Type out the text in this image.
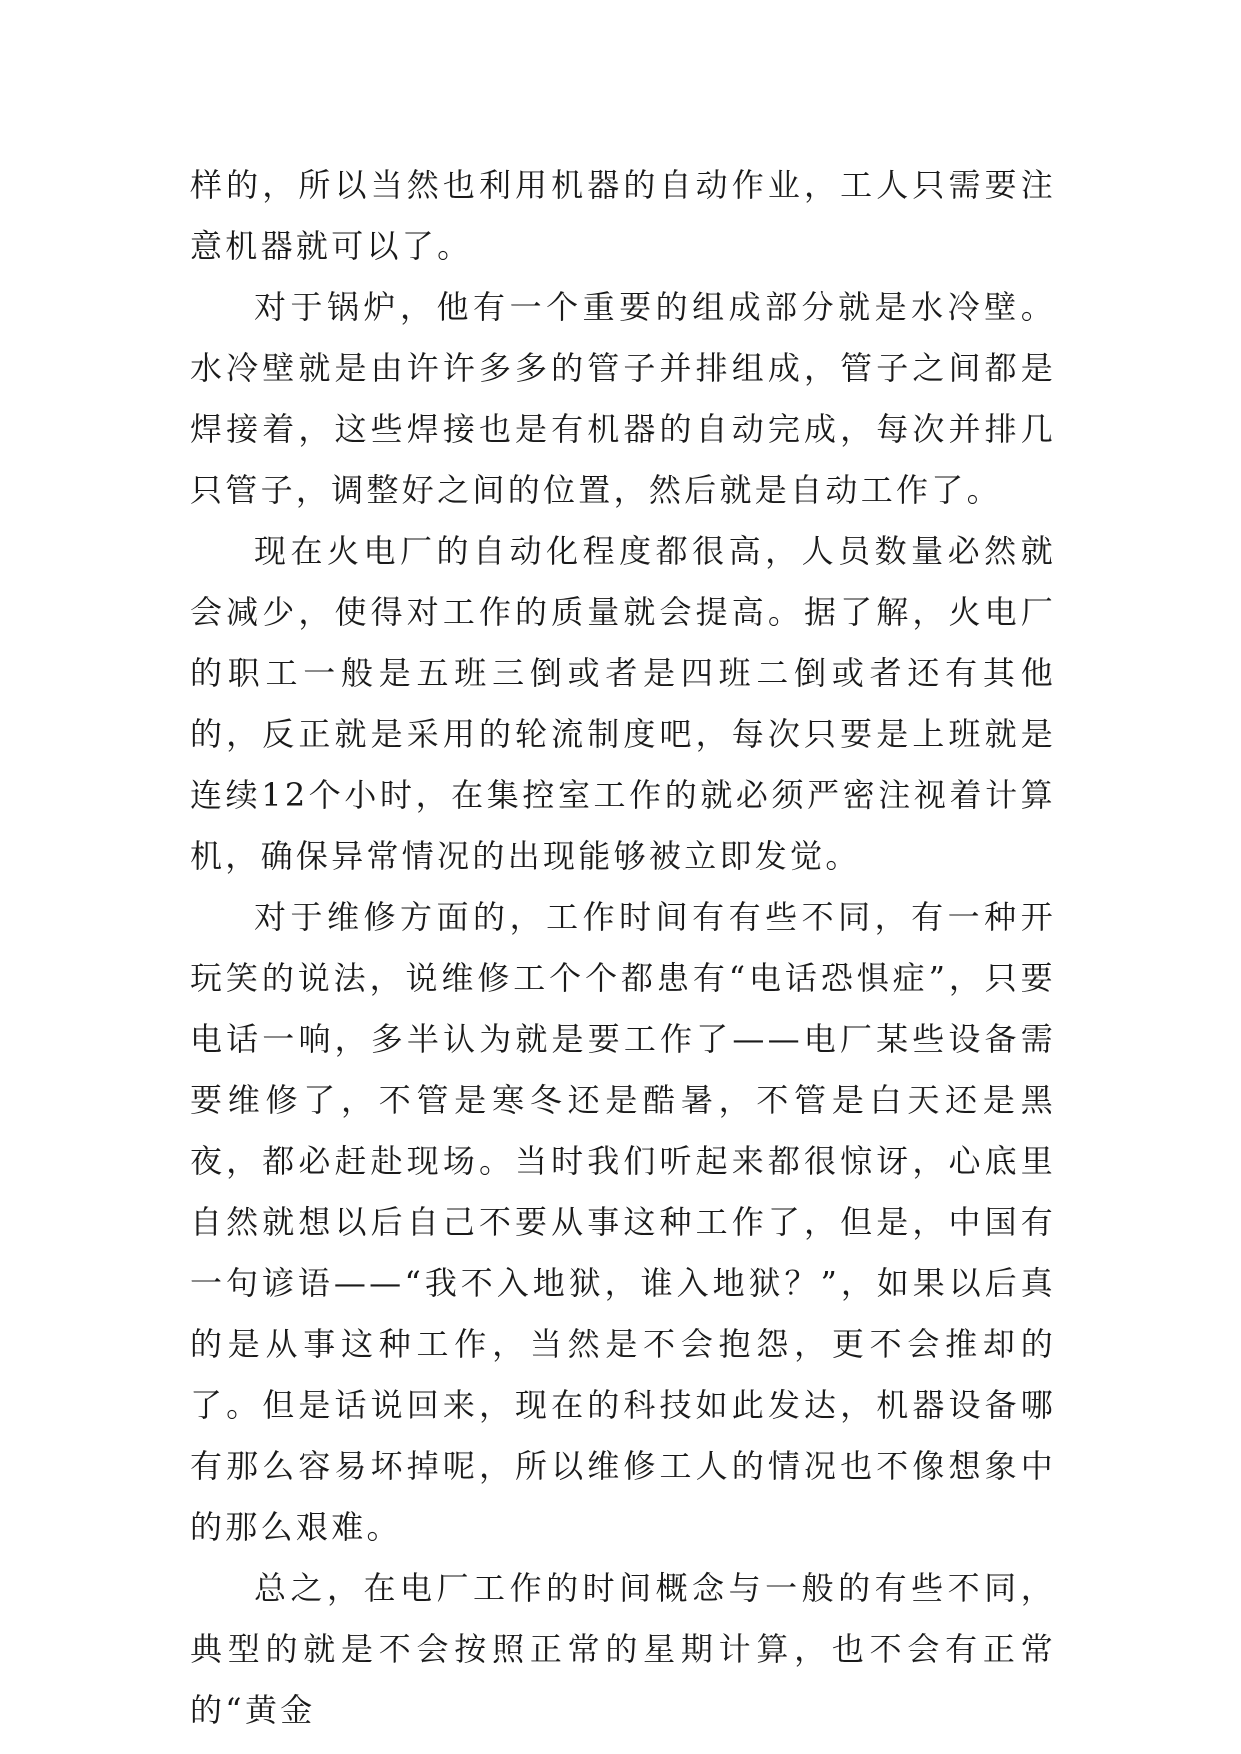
样的，所以当然也利用机器的自动作业，工人只需要注意机器就可以了。

对于锅炉，他有一个重要的组成部分就是水冷壁。水冷壁就是由许许多多的管子并排组成，管子之间都是焊接着，这些焊接也是有机器的自动完成，每次并排几只管子，调整好之间的位置，然后就是自动工作了。

现在火电厂的自动化程度都很高，人员数量必然就会减少，使得对工作的质量就会提高。据了解，火电厂的职工一般是五班三倒或者是四班二倒或者还有其他的，反正就是采用的轮流制度吧，每次只要是上班就是连续12个小时，在集控室工作的就必须严密注视着计算机，确保异常情况的出现能够被立即发觉。

对于维修方面的，工作时间有有些不同，有一种开玩笑的说法，说维修工个个都患有“电话恐惧症”，只要电话一响，多半认为就是要工作了——电厂某些设备需要维修了，不管是寒冬还是酷暑，不管是白天还是黑夜，都必赶赴现场。当时我们听起来都很惊讶，心底里自然就想以后自己不要从事这种工作了，但是，中国有一句谚语——“我不入地狱，谁入地狱？”，如果以后真的是从事这种工作，当然是不会抱怨，更不会推却的了。但是话说回来，现在的科技如此发达，机器设备哪有那么容易坏掉呢，所以维修工人的情况也不像想象中的那么艰难。

总之，在电厂工作的时间概念与一般的有些不同，典型的就是不会按照正常的星期计算，也不会有正常的“黄金
